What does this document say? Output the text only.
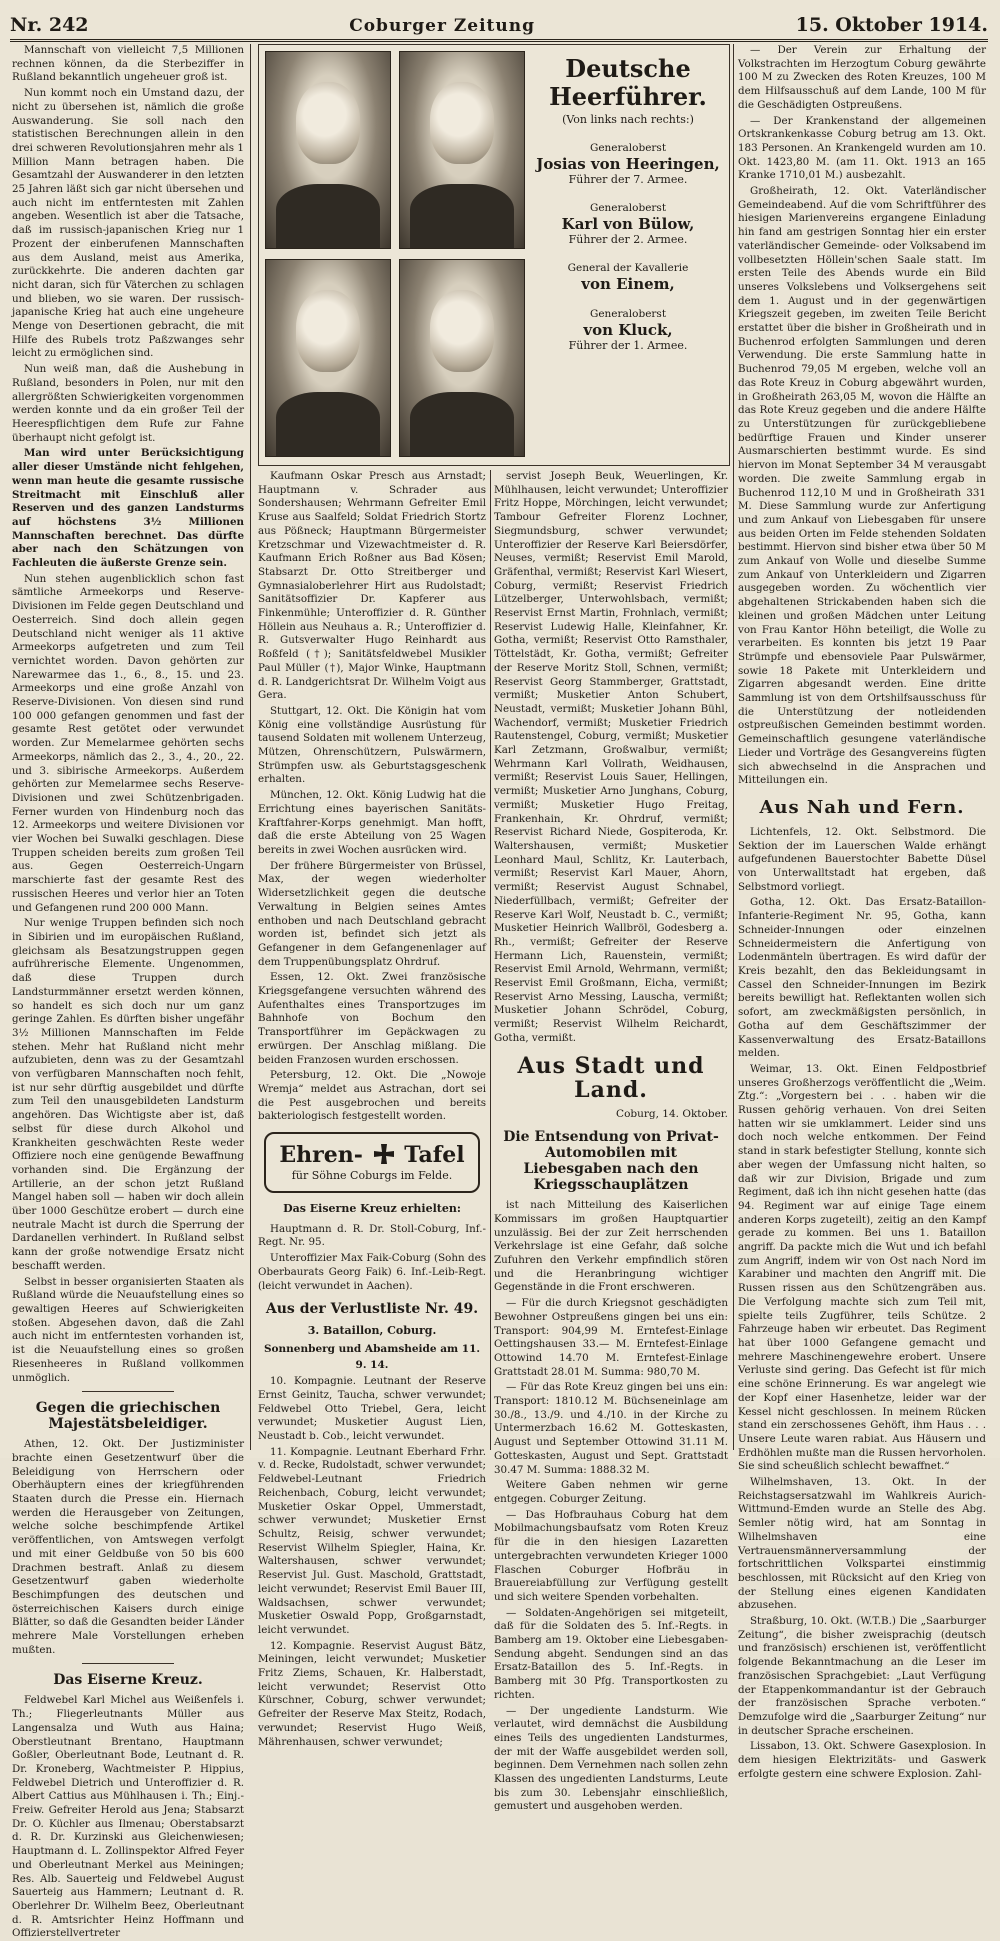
Nr. 242	Coburger Zeitung	15. Oktober 1914.

Mannschaft von vielleicht 7,5 Millionen rechnen können, da die Sterbeziffer in Rußland bekanntlich ungeheuer groß ist.

Nun kommt noch ein Umstand dazu, der nicht zu übersehen ist, nämlich die große Auswanderung. Sie soll nach den statistischen Berechnungen allein in den drei schweren Revolutionsjahren mehr als 1 Million Mann betragen haben. Die Gesamtzahl der Auswanderer in den letzten 25 Jahren läßt sich gar nicht übersehen und auch nicht im entferntesten mit Zahlen angeben. Wesentlich ist aber die Tatsache, daß im russisch-japanischen Krieg nur 1 Prozent der einberufenen Mannschaften aus dem Ausland, meist aus Amerika, zurückkehrte. Die anderen dachten gar nicht daran, sich für Väterchen zu schlagen und blieben, wo sie waren. Der russisch-japanische Krieg hat auch eine ungeheure Menge von Desertionen gebracht, die mit Hilfe des Rubels trotz Paßzwanges sehr leicht zu ermöglichen sind.

Nun weiß man, daß die Aushebung in Rußland, besonders in Polen, nur mit den allergrößten Schwierigkeiten vorgenommen werden konnte und da ein großer Teil der Heerespflichtigen dem Rufe zur Fahne überhaupt nicht gefolgt ist.

Man wird unter Berücksichtigung aller dieser Umstände nicht fehlgehen, wenn man heute die gesamte russische Streitmacht mit Einschluß aller Reserven und des ganzen Landsturms auf höchstens 3½ Millionen Mannschaften berechnet. Das dürfte aber nach den Schätzungen von Fachleuten die äußerste Grenze sein.

Nun stehen augenblicklich schon fast sämtliche Armeekorps und Reserve-Divisionen im Felde gegen Deutschland und Oesterreich. Sind doch allein gegen Deutschland nicht weniger als 11 aktive Armeekorps aufgetreten und zum Teil vernichtet worden. Davon gehörten zur Narewarmee das 1., 6., 8., 15. und 23. Armeekorps und eine große Anzahl von Reserve-Divisionen. Von diesen sind rund 100 000 gefangen genommen und fast der gesamte Rest getötet oder verwundet worden. Zur Memelarmee gehörten sechs Armeekorps, nämlich das 2., 3., 4., 20., 22. und 3. sibirische Armeekorps. Außerdem gehörten zur Memelarmee sechs Reserve-Divisionen und zwei Schützenbrigaden. Ferner wurden von Hindenburg noch das 12. Armeekorps und weitere Divisionen vor vier Wochen bei Suwalki geschlagen. Diese Truppen scheiden bereits zum großen Teil aus. Gegen Oesterreich-Ungarn marschierte fast der gesamte Rest des russischen Heeres und verlor hier an Toten und Gefangenen rund 200 000 Mann.

Nur wenige Truppen befinden sich noch in Sibirien und im europäischen Rußland, gleichsam als Besatzungstruppen gegen aufrührerische Elemente. Ungenommen, daß diese Truppen durch Landsturmmänner ersetzt werden können, so handelt es sich doch nur um ganz geringe Zahlen. Es dürften bisher ungefähr 3½ Millionen Mannschaften im Felde stehen. Mehr hat Rußland nicht mehr aufzubieten, denn was zu der Gesamtzahl von verfügbaren Mannschaften noch fehlt, ist nur sehr dürftig ausgebildet und dürfte zum Teil den unausgebildeten Landsturm angehören. Das Wichtigste aber ist, daß selbst für diese durch Alkohol und Krankheiten geschwächten Reste weder Offiziere noch eine genügende Bewaffnung vorhanden sind. Die Ergänzung der Artillerie, an der schon jetzt Rußland Mangel haben soll — haben wir doch allein über 1000 Geschütze erobert — durch eine neutrale Macht ist durch die Sperrung der Dardanellen verhindert. In Rußland selbst kann der große notwendige Ersatz nicht beschafft werden.

Selbst in besser organisierten Staaten als Rußland würde die Neuaufstellung eines so gewaltigen Heeres auf Schwierigkeiten stoßen. Abgesehen davon, daß die Zahl auch nicht im entferntesten vorhanden ist, ist die Neuaufstellung eines so großen Riesenheeres in Rußland vollkommen unmöglich.

Gegen die griechischen Majestätsbeleidiger.

Athen, 12. Okt. Der Justizminister brachte einen Gesetzentwurf über die Beleidigung von Herrschern oder Oberhäuptern eines der kriegführenden Staaten durch die Presse ein. Hiernach werden die Herausgeber von Zeitungen, welche solche beschimpfende Artikel veröffentlichen, von Amtswegen verfolgt und mit einer Geldbuße von 50 bis 600 Drachmen bestraft. Anlaß zu diesem Gesetzentwurf gaben wiederholte Beschimpfungen des deutschen und österreichischen Kaisers durch einige Blätter, so daß die Gesandten beider Länder mehrere Male Vorstellungen erheben mußten.

Das Eiserne Kreuz.

Feldwebel Karl Michel aus Weißenfels i. Th.; Fliegerleutnants Müller aus Langensalza und Wuth aus Haina; Oberstleutnant Brentano, Hauptmann Goßler, Oberleutnant Bode, Leutnant d. R. Dr. Kroneberg, Wachtmeister P. Hippius, Feldwebel Dietrich und Unteroffizier d. R. Albert Cattius aus Mühlhausen i. Th.; Einj.-Freiw. Gefreiter Herold aus Jena; Stabsarzt Dr. O. Küchler aus Ilmenau; Oberstabsarzt d. R. Dr. Kurzinski aus Gleichenwiesen; Hauptmann d. L. Zollinspektor Alfred Feyer und Oberleutnant Merkel aus Meiningen; Res. Alb. Sauerteig und Feldwebel August Sauerteig aus Hammern; Leutnant d. R. Oberlehrer Dr. Wilhelm Beez, Oberleutnant d. R. Amtsrichter Heinz Hoffmann und Offizierstellvertreter

Deutsche Heerführer.
(Von links nach rechts:)
Generaloberst
Josias von Heeringen,
Führer der 7. Armee.
Generaloberst
Karl von Bülow,
Führer der 2. Armee.
General der Kavallerie
von Einem,
Generaloberst
von Kluck,
Führer der 1. Armee.

Kaufmann Oskar Presch aus Arnstadt; Hauptmann v. Schrader aus Sondershausen; Wehrmann Gefreiter Emil Kruse aus Saalfeld; Soldat Friedrich Stortz aus Pößneck; Hauptmann Bürgermeister Kretzschmar und Vizewachtmeister d. R. Kaufmann Erich Roßner aus Bad Kösen; Stabsarzt Dr. Otto Streitberger und Gymnasialoberlehrer Hirt aus Rudolstadt; Sanitätsoffizier Dr. Kapferer aus Finkenmühle; Unteroffizier d. R. Günther Höllein aus Neuhaus a. R.; Unteroffizier d. R. Gutsverwalter Hugo Reinhardt aus Roßfeld (†); Sanitätsfeldwebel Musikler Paul Müller (†), Major Winke, Hauptmann d. R. Landgerichtsrat Dr. Wilhelm Voigt aus Gera.

Stuttgart, 12. Okt. Die Königin hat vom König eine vollständige Ausrüstung für tausend Soldaten mit wollenem Unterzeug, Mützen, Ohrenschützern, Pulswärmern, Strümpfen usw. als Geburtstagsgeschenk erhalten.

München, 12. Okt. König Ludwig hat die Errichtung eines bayerischen Sanitäts-Kraftfahrer-Korps genehmigt. Man hofft, daß die erste Abteilung von 25 Wagen bereits in zwei Wochen ausrücken wird.

Der frühere Bürgermeister von Brüssel, Max, der wegen wiederholter Widersetzlichkeit gegen die deutsche Verwaltung in Belgien seines Amtes enthoben und nach Deutschland gebracht worden ist, befindet sich jetzt als Gefangener in dem Gefangenenlager auf dem Truppenübungsplatz Ohrdruf.

Essen, 12. Okt. Zwei französische Kriegsgefangene versuchten während des Aufenthaltes eines Transportzuges im Bahnhofe von Bochum den Transportführer im Gepäckwagen zu erwürgen. Der Anschlag mißlang. Die beiden Franzosen wurden erschossen.

Petersburg, 12. Okt. Die „Nowoje Wremja“ meldet aus Astrachan, dort sei die Pest ausgebrochen und bereits bakteriologisch festgestellt worden.

Ehren- Tafel
für Söhne Coburgs im Felde.
Das Eiserne Kreuz erhielten:

Hauptmann d. R. Dr. Stoll-Coburg, Inf.-Regt. Nr. 95.

Unteroffizier Max Faik-Coburg (Sohn des Oberbaurats Georg Faik) 6. Inf.-Leib-Regt. (leicht verwundet in Aachen).

Aus der Verlustliste Nr. 49.
3. Bataillon, Coburg.
Sonnenberg und Abamsheide am 11. 9. 14.

10. Kompagnie. Leutnant der Reserve Ernst Geinitz, Taucha, schwer verwundet; Feldwebel Otto Triebel, Gera, leicht verwundet; Musketier August Lien, Neustadt b. Cob., leicht verwundet.

11. Kompagnie. Leutnant Eberhard Frhr. v. d. Recke, Rudolstadt, schwer verwundet; Feldwebel-Leutnant Friedrich Reichenbach, Coburg, leicht verwundet; Musketier Oskar Oppel, Ummerstadt, schwer verwundet; Musketier Ernst Schultz, Reisig, schwer verwundet; Reservist Wilhelm Spiegler, Haina, Kr. Waltershausen, schwer verwundet; Reservist Jul. Gust. Maschold, Grattstadt, leicht verwundet; Reservist Emil Bauer III, Waldsachsen, schwer verwundet; Musketier Oswald Popp, Großgarnstadt, leicht verwundet.

12. Kompagnie. Reservist August Bätz, Meiningen, leicht verwundet; Musketier Fritz Ziems, Schauen, Kr. Halberstadt, leicht verwundet; Reservist Otto Kürschner, Coburg, schwer verwundet; Gefreiter der Reserve Max Steitz, Rodach, verwundet; Reservist Hugo Weiß, Mährenhausen, schwer verwundet;

servist Joseph Beuk, Weuerlingen, Kr. Mühlhausen, leicht verwundet; Unteroffizier Fritz Hoppe, Mörchingen, leicht verwundet; Tambour Gefreiter Florenz Lochner, Siegmundsburg, schwer verwundet; Unteroffizier der Reserve Karl Beiersdörfer, Neuses, vermißt; Reservist Emil Marold, Gräfenthal, vermißt; Reservist Karl Wiesert, Coburg, vermißt; Reservist Friedrich Lützelberger, Unterwohlsbach, vermißt; Reservist Ernst Martin, Frohnlach, vermißt; Reservist Ludewig Halle, Kleinfahner, Kr. Gotha, vermißt; Reservist Otto Ramsthaler, Töttelstädt, Kr. Gotha, vermißt; Gefreiter der Reserve Moritz Stoll, Schnen, vermißt; Reservist Georg Stammberger, Grattstadt, vermißt; Musketier Anton Schubert, Neustadt, vermißt; Musketier Johann Bühl, Wachendorf, vermißt; Musketier Friedrich Rautenstengel, Coburg, vermißt; Musketier Karl Zetzmann, Großwalbur, vermißt; Wehrmann Karl Vollrath, Weidhausen, vermißt; Reservist Louis Sauer, Hellingen, vermißt; Musketier Arno Junghans, Coburg, vermißt; Musketier Hugo Freitag, Frankenhain, Kr. Ohrdruf, vermißt; Reservist Richard Niede, Gospiteroda, Kr. Waltershausen, vermißt; Musketier Leonhard Maul, Schlitz, Kr. Lauterbach, vermißt; Reservist Karl Mauer, Ahorn, vermißt; Reservist August Schnabel, Niederfüllbach, vermißt; Gefreiter der Reserve Karl Wolf, Neustadt b. C., vermißt; Musketier Heinrich Wallbröl, Godesberg a. Rh., vermißt; Gefreiter der Reserve Hermann Lich, Rauenstein, vermißt; Reservist Emil Arnold, Wehrmann, vermißt; Reservist Emil Großmann, Eicha, vermißt; Reservist Arno Messing, Lauscha, vermißt; Musketier Johann Schrödel, Coburg, vermißt; Reservist Wilhelm Reichardt, Gotha, vermißt.

Aus Stadt und Land.
Coburg, 14. Oktober.
Die Entsendung von Privat-Automobilen mit Liebesgaben nach den Kriegsschauplätzen

ist nach Mitteilung des Kaiserlichen Kommissars im großen Hauptquartier unzulässig. Bei der zur Zeit herrschenden Verkehrslage ist eine Gefahr, daß solche Zufuhren den Verkehr empfindlich stören und die Heranbringung wichtiger Gegenstände in die Front erschweren.

— Für die durch Kriegsnot geschädigten Bewohner Ostpreußens gingen bei uns ein: Transport: 904,99 M. Erntefest-Einlage Oettingshausen 33.— M. Erntefest-Einlage Ottowind 14.70 M. Erntefest-Einlage Grattstadt 28.01 M. Summa: 980,70 M.

— Für das Rote Kreuz gingen bei uns ein: Transport: 1810.12 M. Büchseneinlage am 30./8., 13./9. und 4./10. in der Kirche zu Untermerzbach 16.62 M. Gotteskasten, August und September Ottowind 31.11 M. Gotteskasten, August und Sept. Grattstadt 30.47 M. Summa: 1888.32 M.

Weitere Gaben nehmen wir gerne entgegen. Coburger Zeitung.

— Das Hofbrauhaus Coburg hat dem Mobilmachungsbaufsatz vom Roten Kreuz für die in den hiesigen Lazaretten untergebrachten verwundeten Krieger 1000 Flaschen Coburger Hofbräu in Brauereiabfüllung zur Verfügung gestellt und sich weitere Spenden vorbehalten.

— Soldaten-Angehörigen sei mitgeteilt, daß für die Soldaten des 5. Inf.-Regts. in Bamberg am 19. Oktober eine Liebesgaben-Sendung abgeht. Sendungen sind an das Ersatz-Bataillon des 5. Inf.-Regts. in Bamberg mit 30 Pfg. Transportkosten zu richten.

— Der ungediente Landsturm. Wie verlautet, wird demnächst die Ausbildung eines Teils des ungedienten Landsturmes, der mit der Waffe ausgebildet werden soll, beginnen. Dem Vernehmen nach sollen zehn Klassen des ungedienten Landsturms, Leute bis zum 30. Lebensjahr einschließlich, gemustert und ausgehoben werden.

— Der Verein zur Erhaltung der Volkstrachten im Herzogtum Coburg gewährte 100 M zu Zwecken des Roten Kreuzes, 100 M dem Hilfsausschuß auf dem Lande, 100 M für die Geschädigten Ostpreußens.

— Der Krankenstand der allgemeinen Ortskrankenkasse Coburg betrug am 13. Okt. 183 Personen. An Krankengeld wurden am 10. Okt. 1423,80 M. (am 11. Okt. 1913 an 165 Kranke 1710,01 M.) ausbezahlt.

Großheirath, 12. Okt. Vaterländischer Gemeindeabend. Auf die vom Schriftführer des hiesigen Marienvereins ergangene Einladung hin fand am gestrigen Sonntag hier ein erster vaterländischer Gemeinde- oder Volksabend im vollbesetzten Höllein'schen Saale statt. Im ersten Teile des Abends wurde ein Bild unseres Volkslebens und Volksergehens seit dem 1. August und in der gegenwärtigen Kriegszeit gegeben, im zweiten Teile Bericht erstattet über die bisher in Großheirath und in Buchenrod erfolgten Sammlungen und deren Verwendung. Die erste Sammlung hatte in Buchenrod 79,05 M ergeben, welche voll an das Rote Kreuz in Coburg abgewährt wurden, in Großheirath 263,05 M, wovon die Hälfte an das Rote Kreuz gegeben und die andere Hälfte zu Unterstützungen für zurückgebliebene bedürftige Frauen und Kinder unserer Ausmarschierten bestimmt wurde. Es sind hiervon im Monat September 34 M verausgabt worden. Die zweite Sammlung ergab in Buchenrod 112,10 M und in Großheirath 331 M. Diese Sammlung wurde zur Anfertigung und zum Ankauf von Liebesgaben für unsere aus beiden Orten im Felde stehenden Soldaten bestimmt. Hiervon sind bisher etwa über 50 M zum Ankauf von Wolle und dieselbe Summe zum Ankauf von Unterkleidern und Zigarren ausgegeben worden. Zu wöchentlich vier abgehaltenen Strickabenden haben sich die kleinen und großen Mädchen unter Leitung von Frau Kantor Höhn beteiligt, die Wolle zu verarbeiten. Es konnten bis jetzt 19 Paar Strümpfe und ebensoviele Paar Pulswärmer, sowie 18 Pakete mit Unterkleidern und Zigarren abgesandt werden. Eine dritte Sammlung ist von dem Ortshilfsausschuss für die Unterstützung der notleidenden ostpreußischen Gemeinden bestimmt worden. Gemeinschaftlich gesungene vaterländische Lieder und Vorträge des Gesangvereins fügten sich abwechselnd in die Ansprachen und Mitteilungen ein.

Aus Nah und Fern.

Lichtenfels, 12. Okt. Selbstmord. Die Sektion der im Lauerschen Walde erhängt aufgefundenen Bauerstochter Babette Düsel von Unterwalltstadt hat ergeben, daß Selbstmord vorliegt.

Gotha, 12. Okt. Das Ersatz-Bataillon-Infanterie-Regiment Nr. 95, Gotha, kann Schneider-Innungen oder einzelnen Schneidermeistern die Anfertigung von Lodenmänteln übertragen. Es wird dafür der Kreis bezahlt, den das Bekleidungsamt in Cassel den Schneider-Innungen im Bezirk bereits bewilligt hat. Reflektanten wollen sich sofort, am zweckmäßigsten persönlich, in Gotha auf dem Geschäftszimmer der Kassenverwaltung des Ersatz-Bataillons melden.

Weimar, 13. Okt. Einen Feldpostbrief unseres Großherzogs veröffentlicht die „Weim. Ztg.“: „Vorgestern bei . . . haben wir die Russen gehörig verhauen. Von drei Seiten hatten wir sie umklammert. Leider sind uns doch noch welche entkommen. Der Feind stand in stark befestigter Stellung, konnte sich aber wegen der Umfassung nicht halten, so daß wir zur Division, Brigade und zum Regiment, daß ich ihn nicht gesehen hatte (das 94. Regiment war auf einige Tage einem anderen Korps zugeteilt), zeitig an den Kampf gerade zu kommen. Bei uns 1. Bataillon angriff. Da packte mich die Wut und ich befahl zum Angriff, indem wir von Ost nach Nord im Karabiner und machten den Angriff mit. Die Russen rissen aus den Schützengräben aus. Die Verfolgung machte sich zum Teil mit, spielte teils Zugführer, teils Schütze. 2 Fahrzeuge haben wir erbeutet. Das Regiment hat über 1000 Gefangene gemacht und mehrere Maschinengewehre erobert. Unsere Verluste sind gering. Das Gefecht ist für mich eine schöne Erinnerung. Es war angelegt wie der Kopf einer Hasenhetze, leider war der Kessel nicht geschlossen. In meinem Rücken stand ein zerschossenes Gehöft, ihm Haus . . . Unsere Leute waren rabiat. Aus Häusern und Erdhöhlen mußte man die Russen hervorholen. Sie sind scheußlich schlecht bewaffnet.“

Wilhelmshaven, 13. Okt. In der Reichstagsersatzwahl im Wahlkreis Aurich-Wittmund-Emden wurde an Stelle des Abg. Semler nötig wird, hat am Sonntag in Wilhelmshaven eine Vertrauensmännerversammlung der fortschrittlichen Volkspartei einstimmig beschlossen, mit Rücksicht auf den Krieg von der Stellung eines eigenen Kandidaten abzusehen.

Straßburg, 10. Okt. (W.T.B.) Die „Saarburger Zeitung“, die bisher zweisprachig (deutsch und französisch) erschienen ist, veröffentlicht folgende Bekanntmachung an die Leser im französischen Sprachgebiet: „Laut Verfügung der Etappenkommandantur ist der Gebrauch der französischen Sprache verboten.“ Demzufolge wird die „Saarburger Zeitung“ nur in deutscher Sprache erscheinen.

Lissabon, 13. Okt. Schwere Gasexplosion. In dem hiesigen Elektrizitäts- und Gaswerk erfolgte gestern eine schwere Explosion. Zahl-
